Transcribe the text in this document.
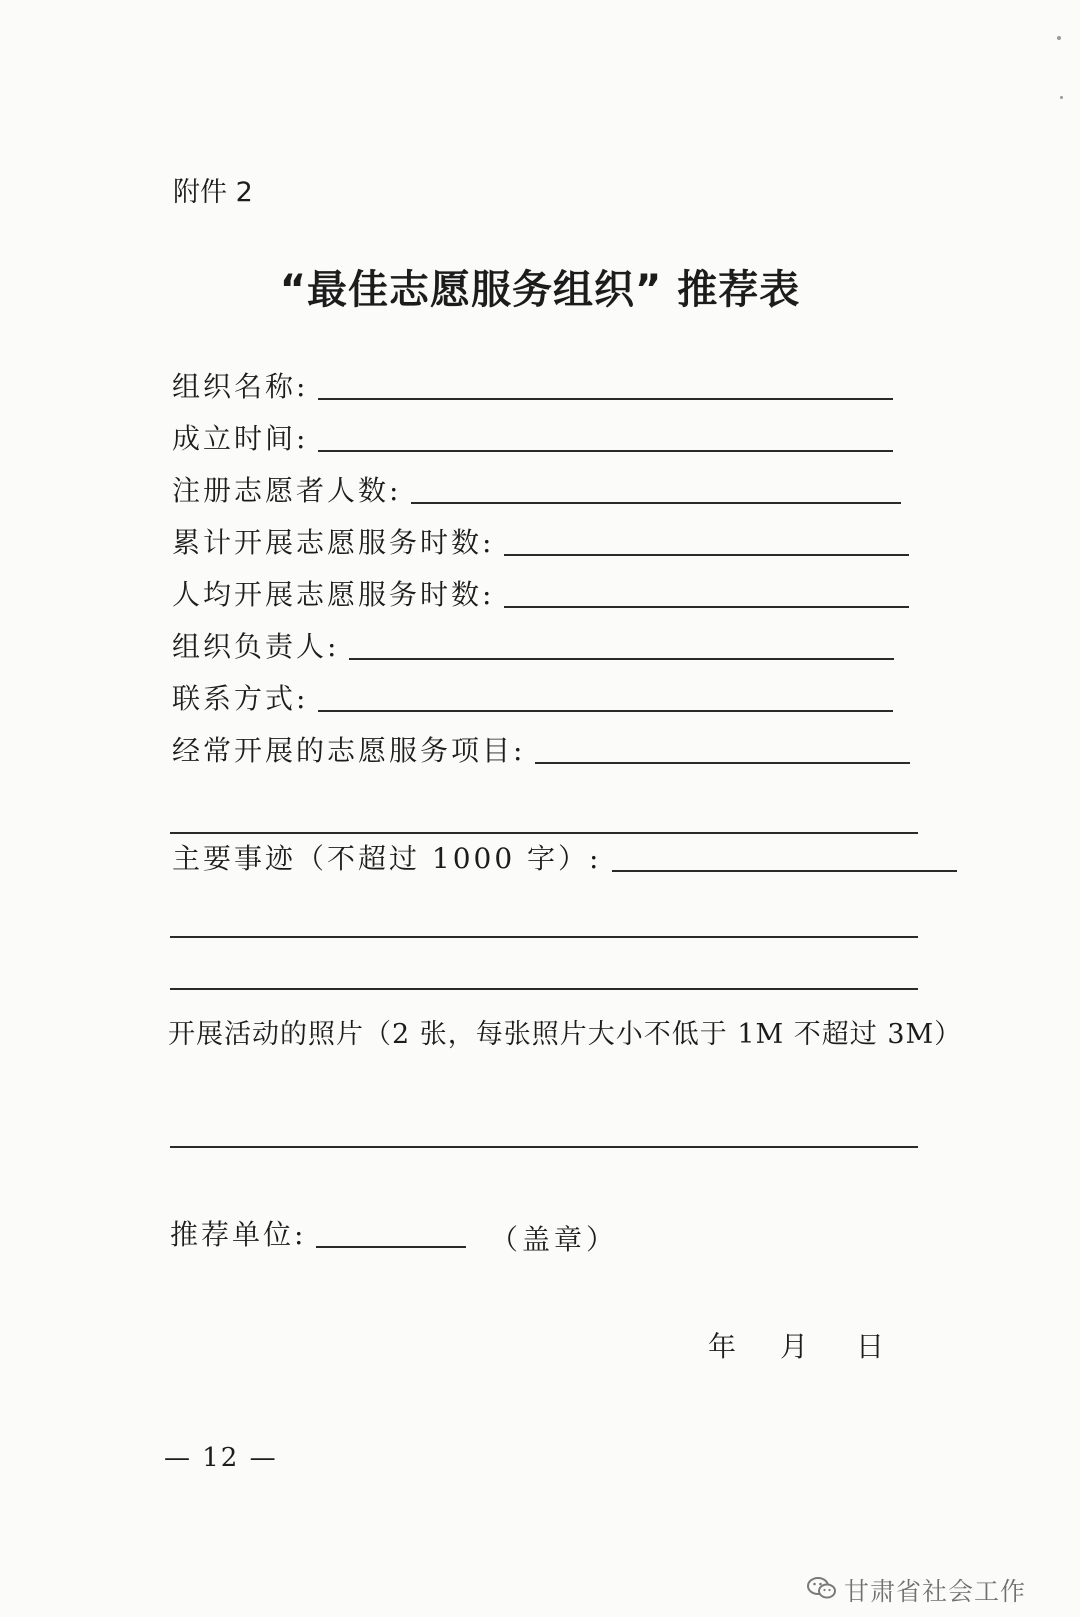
附件 2
“最佳志愿服务组织” 推荐表
组织名称:
成立时间:
注册志愿者人数:
累计开展志愿服务时数:
人均开展志愿服务时数:
组织负责人:
联系方式:
经常开展的志愿服务项目:
主要事迹（不超过 1000 字）:
开展活动的照片（2 张，每张照片大小不低于 1M 不超过 3M）
推荐单位:	（盖章）
年 月 日
— 12 —
甘肃省社会工作
